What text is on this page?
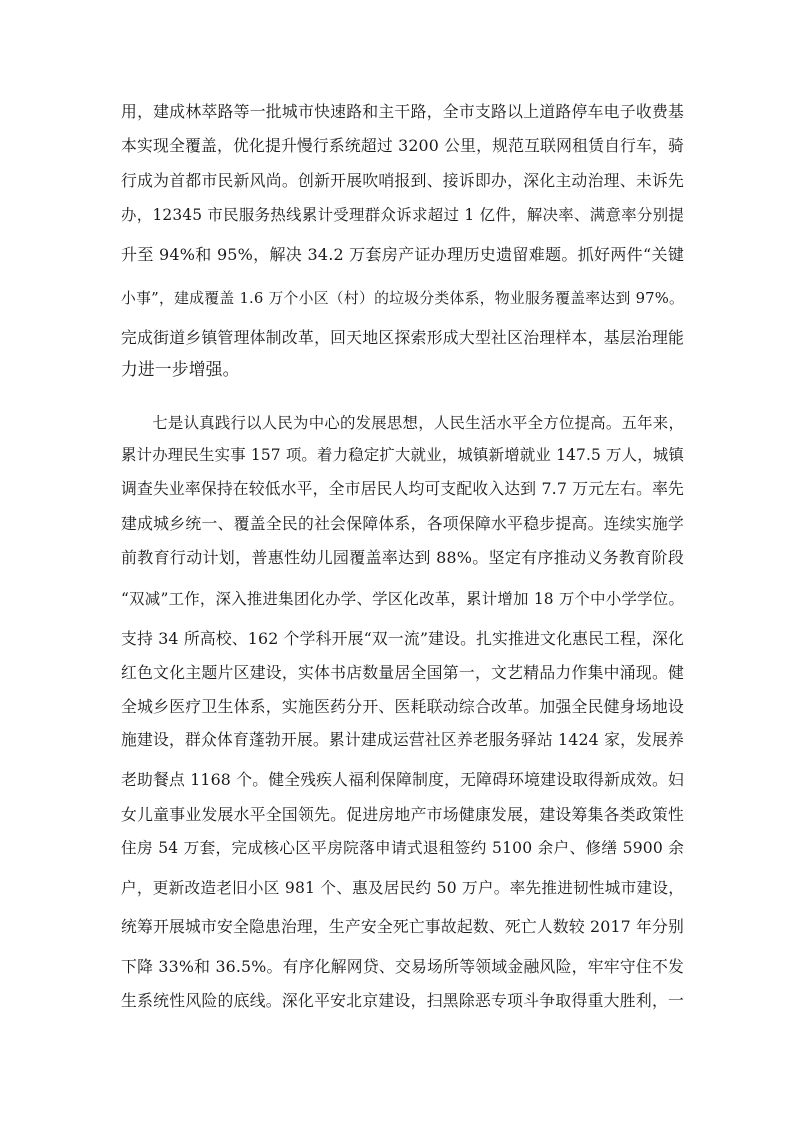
用，建成林萃路等一批城市快速路和主干路，全市支路以上道路停车电子收费基
本实现全覆盖，优化提升慢行系统超过 3200 公里，规范互联网租赁自行车，骑
行成为首都市民新风尚。创新开展吹哨报到、接诉即办，深化主动治理、未诉先
办，12345 市民服务热线累计受理群众诉求超过 1 亿件，解决率、满意率分别提
升至 94%和 95%，解决 34.2 万套房产证办理历史遗留难题。抓好两件“关键
小事”，建成覆盖 1.6 万个小区（村）的垃圾分类体系，物业服务覆盖率达到 97%。
完成街道乡镇管理体制改革，回天地区探索形成大型社区治理样本，基层治理能
力进一步增强。
　　七是认真践行以人民为中心的发展思想，人民生活水平全方位提高。五年来，
累计办理民生实事 157 项。着力稳定扩大就业，城镇新增就业 147.5 万人，城镇
调查失业率保持在较低水平，全市居民人均可支配收入达到 7.7 万元左右。率先
建成城乡统一、覆盖全民的社会保障体系，各项保障水平稳步提高。连续实施学
前教育行动计划，普惠性幼儿园覆盖率达到 88%。坚定有序推动义务教育阶段
“双减”工作，深入推进集团化办学、学区化改革，累计增加 18 万个中小学学位。
支持 34 所高校、162 个学科开展“双一流”建设。扎实推进文化惠民工程，深化
红色文化主题片区建设，实体书店数量居全国第一，文艺精品力作集中涌现。健
全城乡医疗卫生体系，实施医药分开、医耗联动综合改革。加强全民健身场地设
施建设，群众体育蓬勃开展。累计建成运营社区养老服务驿站 1424 家，发展养
老助餐点 1168 个。健全残疾人福利保障制度，无障碍环境建设取得新成效。妇
女儿童事业发展水平全国领先。促进房地产市场健康发展，建设筹集各类政策性
住房 54 万套，完成核心区平房院落申请式退租签约 5100 余户、修缮 5900 余
户，更新改造老旧小区 981 个、惠及居民约 50 万户。率先推进韧性城市建设，
统筹开展城市安全隐患治理，生产安全死亡事故起数、死亡人数较 2017 年分别
下降 33%和 36.5%。有序化解网贷、交易场所等领域金融风险，牢牢守住不发
生系统性风险的底线。深化平安北京建设，扫黑除恶专项斗争取得重大胜利，一
